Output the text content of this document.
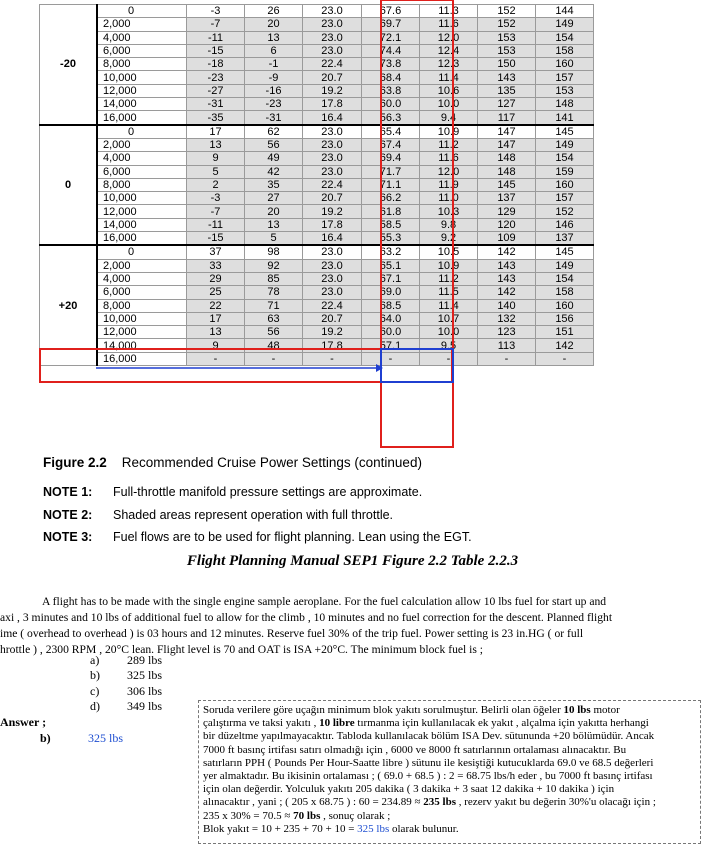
-20	0	-3	26	23.0	67.6	11.3	152	144
	2,000	-7	20	23.0	69.7	11.6	152	149
	4,000	-11	13	23.0	72.1	12.0	153	154
	6,000	-15	6	23.0	74.4	12.4	153	158
	8,000	-18	-1	22.4	73.8	12.3	150	160
	10,000	-23	-9	20.7	68.4	11.4	143	157
	12,000	-27	-16	19.2	63.8	10.6	135	153
	14,000	-31	-23	17.8	60.0	10.0	127	148
	16,000	-35	-31	16.4	56.3	9.4	117	141
0	0	17	62	23.0	65.4	10.9	147	145
	2,000	13	56	23.0	67.4	11.2	147	149
	4,000	9	49	23.0	69.4	11.6	148	154
	6,000	5	42	23.0	71.7	12.0	148	159
	8,000	2	35	22.4	71.1	11.9	145	160
	10,000	-3	27	20.7	66.2	11.0	137	157
	12,000	-7	20	19.2	61.8	10.3	129	152
	14,000	-11	13	17.8	58.5	9.8	120	146
	16,000	-15	5	16.4	55.3	9.2	109	137
+20	0	37	98	23.0	63.2	10.5	142	145
	2,000	33	92	23.0	65.1	10.9	143	149
	4,000	29	85	23.0	67.1	11.2	143	154
	6,000	25	78	23.0	69.0	11.5	142	158
	8,000	22	71	22.4	68.5	11.4	140	160
	10,000	17	63	20.7	64.0	10.7	132	156
	12,000	13	56	19.2	60.0	10.0	123	151
	14,000	9	48	17.8	57.1	9.5	113	142
	16,000	-	-	-	-	-	-	-
Figure 2.2 Recommended Cruise Power Settings (continued)
NOTE 1: Full-throttle manifold pressure settings are approximate.
NOTE 2: Shaded areas represent operation with full throttle.
NOTE 3: Fuel flows are to be used for flight planning. Lean using the EGT.
Flight Planning Manual SEP1 Figure 2.2 Table 2.2.3

A flight has to be made with the single engine sample aeroplane. For the fuel calculation allow 10 lbs fuel for start up and

axi , 3 minutes and 10 lbs of additional fuel to allow for the climb , 10 minutes and no fuel correction for the descent. Planned flight

ime ( overhead to overhead ) is 03 hours and 12 minutes. Reserve fuel 30% of the trip fuel. Power setting is 23 in.HG ( or full

hrottle ) , 2300 RPM , 20°C lean. Flight level is 70 and OAT is ISA +20°C. The minimum block fuel is ;

a) 289 lbs
b) 325 lbs
c) 306 lbs
d) 349 lbs
Answer ;
b)	325 lbs
Soruda verilere göre uçağın minimum blok yakıtı sorulmuştur. Belirli olan öğeler 10 lbs motor
çalıştırma ve taksi yakıtı , 10 libre tırmanma için kullanılacak ek yakıt , alçalma için yakıtta herhangi
bir düzeltme yapılmayacaktır. Tabloda kullanılacak bölüm ISA Dev. sütununda +20 bölümüdür. Ancak
7000 ft basınç irtifası satırı olmadığı için , 6000 ve 8000 ft satırlarının ortalaması alınacaktır. Bu
satırların PPH ( Pounds Per Hour-Saatte libre ) sütunu ile kesiştiği kutucuklarda 69.0 ve 68.5 değerleri
yer almaktadır. Bu ikisinin ortalaması ; ( 69.0 + 68.5 ) : 2 = 68.75 lbs/h eder , bu 7000 ft basınç irtifası
için olan değerdir. Yolculuk yakıtı 205 dakika ( 3 dakika + 3 saat 12 dakika + 10 dakika ) için
alınacaktır , yani ; ( 205 x 68.75 ) : 60 = 234.89 ≈ 235 lbs , rezerv yakıt bu değerin 30%'u olacağı için ;
235 x 30% = 70.5 ≈ 70 lbs , sonuç olarak ;
Blok yakıt = 10 + 235 + 70 + 10 = 325 lbs olarak bulunur.
